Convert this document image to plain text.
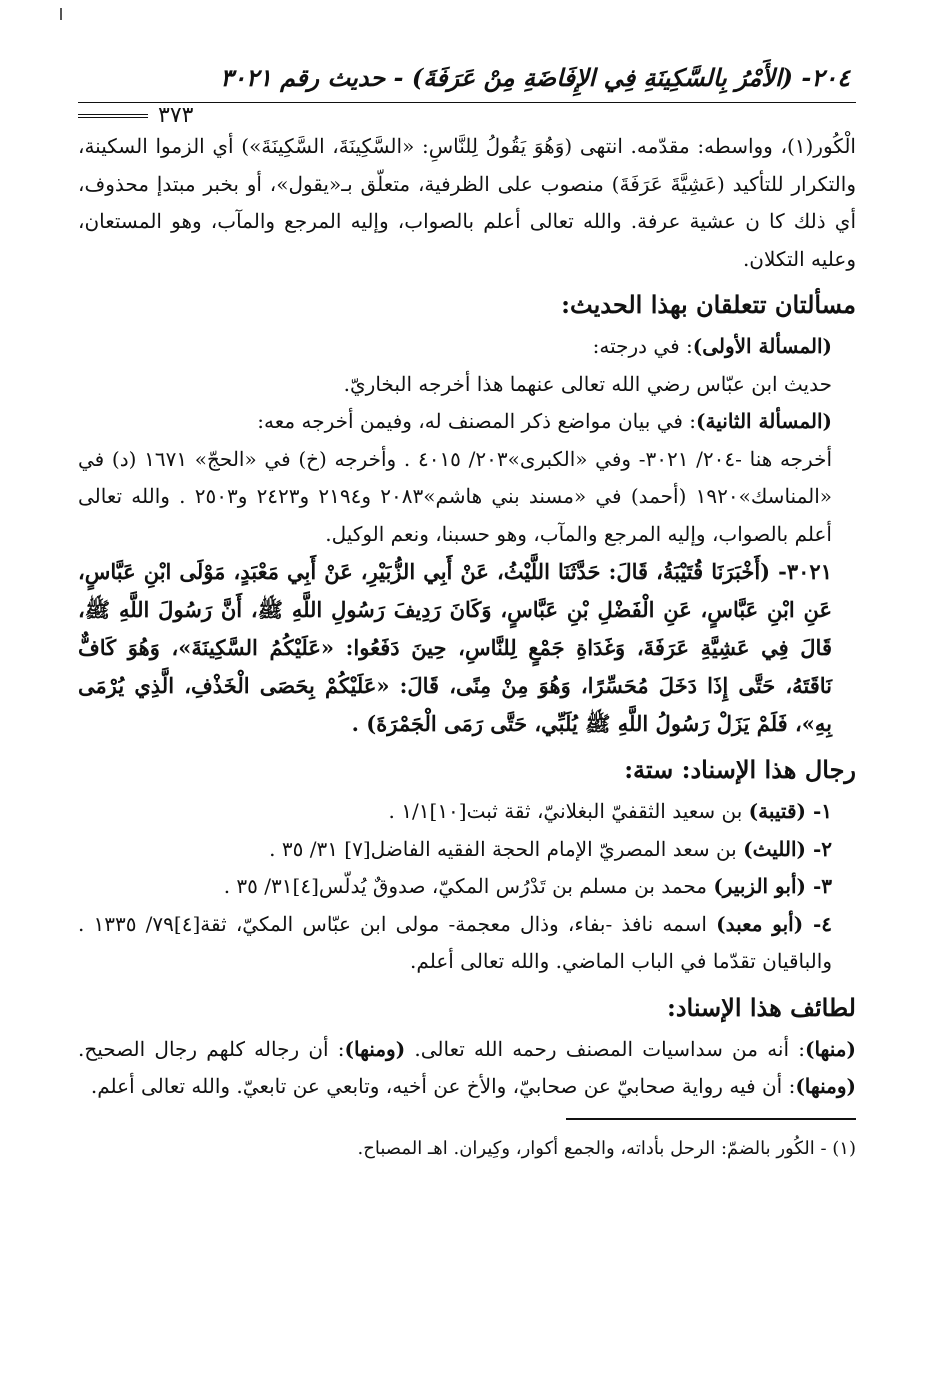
٢٠٤- (الأَمْرُ بِالسَّكِينَةِ فِي الإِفَاضَةِ مِنْ عَرَفَةَ) - حديث رقم ٣٠٢١
٣٧٣

الْكُور(١)، وواسطه: مقدّمه. انتهى (وَهُوَ يَقُولُ لِلنَّاسِ: «السَّكِينَةَ، السَّكِينَةَ») أي الزموا السكينة، والتكرار للتأكيد (عَشِيَّةَ عَرَفَةَ) منصوب على الظرفية، متعلّق بـ«يقول»، أو بخبر مبتدإ محذوف، أي ذلك كا ن عشية عرفة. والله تعالى أعلم بالصواب، وإليه المرجع والمآب، وهو المستعان، وعليه التكلان.

مسألتان تتعلقان بهذا الحديث:

(المسألة الأولى): في درجته:

حديث ابن عبّاس رضي الله تعالى عنهما هذا أخرجه البخاريّ.

(المسألة الثانية): في بيان مواضع ذكر المصنف له، وفيمن أخرجه معه:

أخرجه هنا -٢٠٤/ ٣٠٢١- وفي «الكبرى»٢٠٣/ ٤٠١٥ . وأخرجه (خ) في «الحجّ» ١٦٧١ (د) في «المناسك»١٩٢٠ (أحمد) في «مسند بني هاشم»٢٠٨٣ و٢١٩٤ و٢٤٢٣ و٢٥٠٣ . والله تعالى أعلم بالصواب، وإليه المرجع والمآب، وهو حسبنا، ونعم الوكيل.

٣٠٢١- (أَخْبَرَنَا قُتَيْبَةُ، قَالَ: حَدَّثَنَا اللَّيْثُ، عَنْ أَبِي الزُّبَيْرِ، عَنْ أَبِي مَعْبَدٍ، مَوْلَى ابْنِ عَبَّاسٍ، عَنِ ابْنِ عَبَّاسٍ، عَنِ الْفَضْلِ بْنِ عَبَّاسٍ، وَكَانَ رَدِيفَ رَسُولِ اللَّهِ ﷺ، أَنَّ رَسُولَ اللَّهِ ﷺ، قَالَ فِي عَشِيَّةِ عَرَفَةَ، وَغَدَاةِ جَمْعٍ لِلنَّاسِ، حِينَ دَفَعُوا: «عَلَيْكُمُ السَّكِينَةَ»، وَهُوَ كَافٌّ نَاقَتَهُ، حَتَّى إِذَا دَخَلَ مُحَسِّرًا، وَهُوَ مِنْ مِنًى، قَالَ: «عَلَيْكُمْ بِحَصَى الْخَذْفِ، الَّذِي يُرْمَى بِهِ»، فَلَمْ يَزَلْ رَسُولُ اللَّهِ ﷺ يُلَبِّي، حَتَّى رَمَى الْجَمْرَةَ) .

رجال هذا الإسناد: ستة:

١- (قتيبة) بن سعيد الثقفيّ البغلانيّ، ثقة ثبت[١٠]١/١ .

٢- (الليث) بن سعد المصريّ الإمام الحجة الفقيه الفاضل[٧] ٣١/ ٣٥ .

٣- (أبو الزبير) محمد بن مسلم بن تَدْرُس المكيّ، صدوقٌ يُدلّس[٤]٣١/ ٣٥ .

٤- (أبو معبد) اسمه نافذ -بفاء، وذال معجمة- مولى ابن عبّاس المكيّ، ثقة[٤]٧٩/ ١٣٣٥ . والباقيان تقدّما في الباب الماضي. والله تعالى أعلم.

لطائف هذا الإسناد:

(منها): أنه من سداسيات المصنف رحمه الله تعالى. (ومنها): أن رجاله كلهم رجال الصحيح. (ومنها): أن فيه رواية صحابيّ عن صحابيّ، والأخ عن أخيه، وتابعي عن تابعيّ. والله تعالى أعلم.

(١) - الكُور بالضمّ: الرحل بأداته، والجمع أكوار، وكِيران. اهـ المصباح.
